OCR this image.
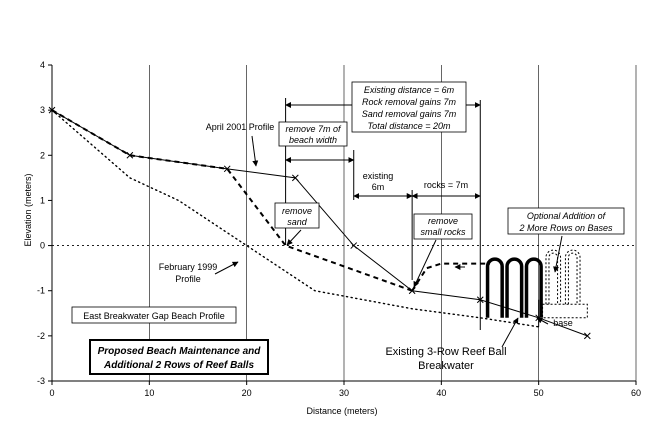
-3
-2
-1
0
1
2
3
4
0	10	20	30	40	50	60
Elevation (meters)
Distance (meters)
remove 7m of
beach width
Existing distance = 6m
Rock removal gains 7m
Sand removal gains 7m
Total distance = 20m
remove
sand	remove
small rocks
Optional Addition of
2 More Rows on Bases
East Breakwater Gap Beach Profile
Proposed Beach Maintenance and
Additional 2 Rows of Reef Balls
April 2001 Profile
February 1999
Profile
existing
6m	rocks = 7m
Existing 3-Row Reef Ball
Breakwater
base
